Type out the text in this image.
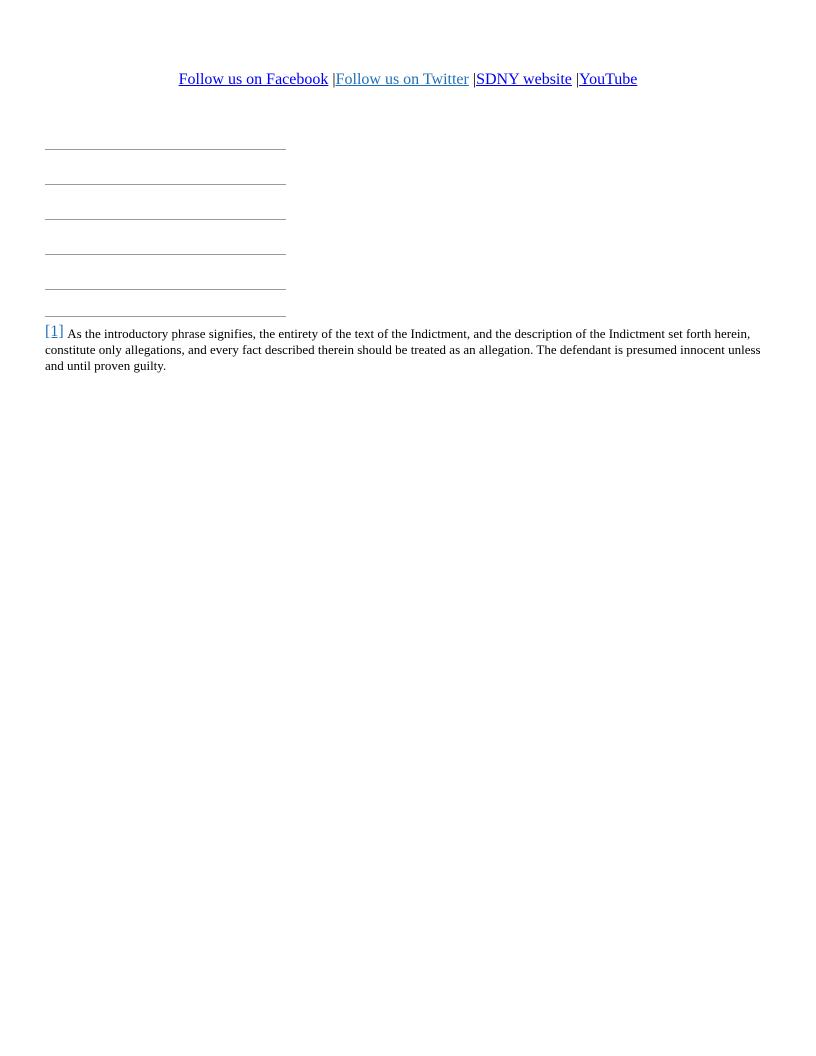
Follow us on Facebook |Follow us on Twitter |SDNY website |YouTube
[1] As the introductory phrase signifies, the entirety of the text of the Indictment, and the description of the Indictment set forth herein, constitute only allegations, and every fact described therein should be treated as an allegation. The defendant is presumed innocent unless and until proven guilty.
